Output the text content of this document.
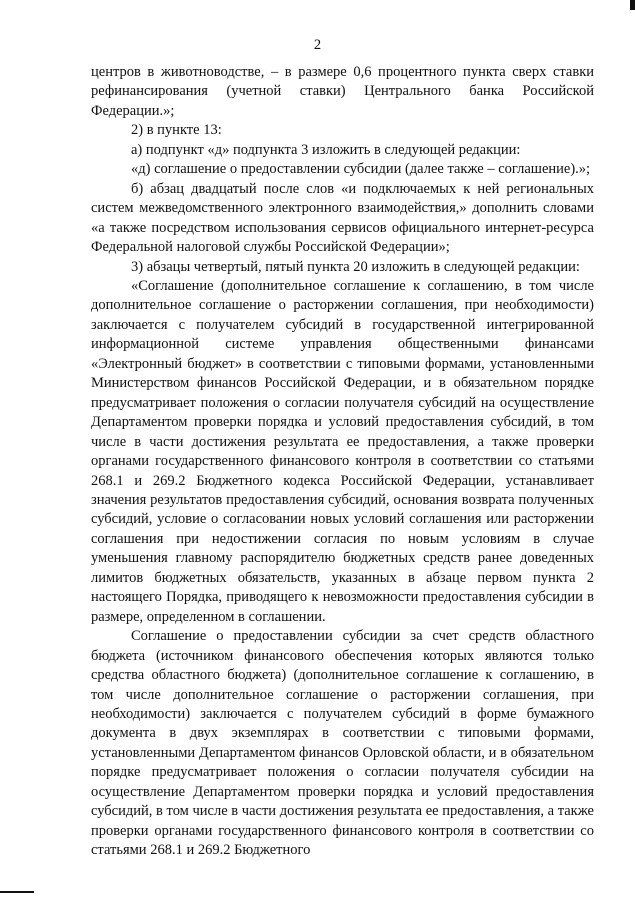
2

центров в животноводстве, – в размере 0,6 процентного пункта сверх ставки рефинансирования (учетной ставки) Центрального банка Российской Федерации.»;

2) в пункте 13:

а) подпункт «д» подпункта 3 изложить в следующей редакции:

«д) соглашение о предоставлении субсидии (далее также – соглашение).»;

б) абзац двадцатый после слов «и подключаемых к ней региональных систем межведомственного электронного взаимодействия,» дополнить словами «а также посредством использования сервисов официального интернет-ресурса Федеральной налоговой службы Российской Федерации»;

3) абзацы четвертый, пятый пункта 20 изложить в следующей редакции:

«Соглашение (дополнительное соглашение к соглашению, в том числе дополнительное соглашение о расторжении соглашения, при необходимости) заключается с получателем субсидий в государственной интегрированной информационной системе управления общественными финансами «Электронный бюджет» в соответствии с типовыми формами, установленными Министерством финансов Российской Федерации, и в обязательном порядке предусматривает положения о согласии получателя субсидий на осуществление Департаментом проверки порядка и условий предоставления субсидий, в том числе в части достижения результата ее предоставления, а также проверки органами государственного финансового контроля в соответствии со статьями 268.1 и 269.2 Бюджетного кодекса Российской Федерации, устанавливает значения результатов предоставления субсидий, основания возврата полученных субсидий, условие о согласовании новых условий соглашения или расторжении соглашения при недостижении согласия по новым условиям в случае уменьшения главному распорядителю бюджетных средств ранее доведенных лимитов бюджетных обязательств, указанных в абзаце первом пункта 2 настоящего Порядка, приводящего к невозможности предоставления субсидии в размере, определенном в соглашении.

Соглашение о предоставлении субсидии за счет средств областного бюджета (источником финансового обеспечения которых являются только средства областного бюджета) (дополнительное соглашение к соглашению, в том числе дополнительное соглашение о расторжении соглашения, при необходимости) заключается с получателем субсидий в форме бумажного документа в двух экземплярах в соответствии с типовыми формами, установленными Департаментом финансов Орловской области, и в обязательном порядке предусматривает положения о согласии получателя субсидии на осуществление Департаментом проверки порядка и условий предоставления субсидий, в том числе в части достижения результата ее предоставления, а также проверки органами государственного финансового контроля в соответствии со статьями 268.1 и 269.2 Бюджетного
